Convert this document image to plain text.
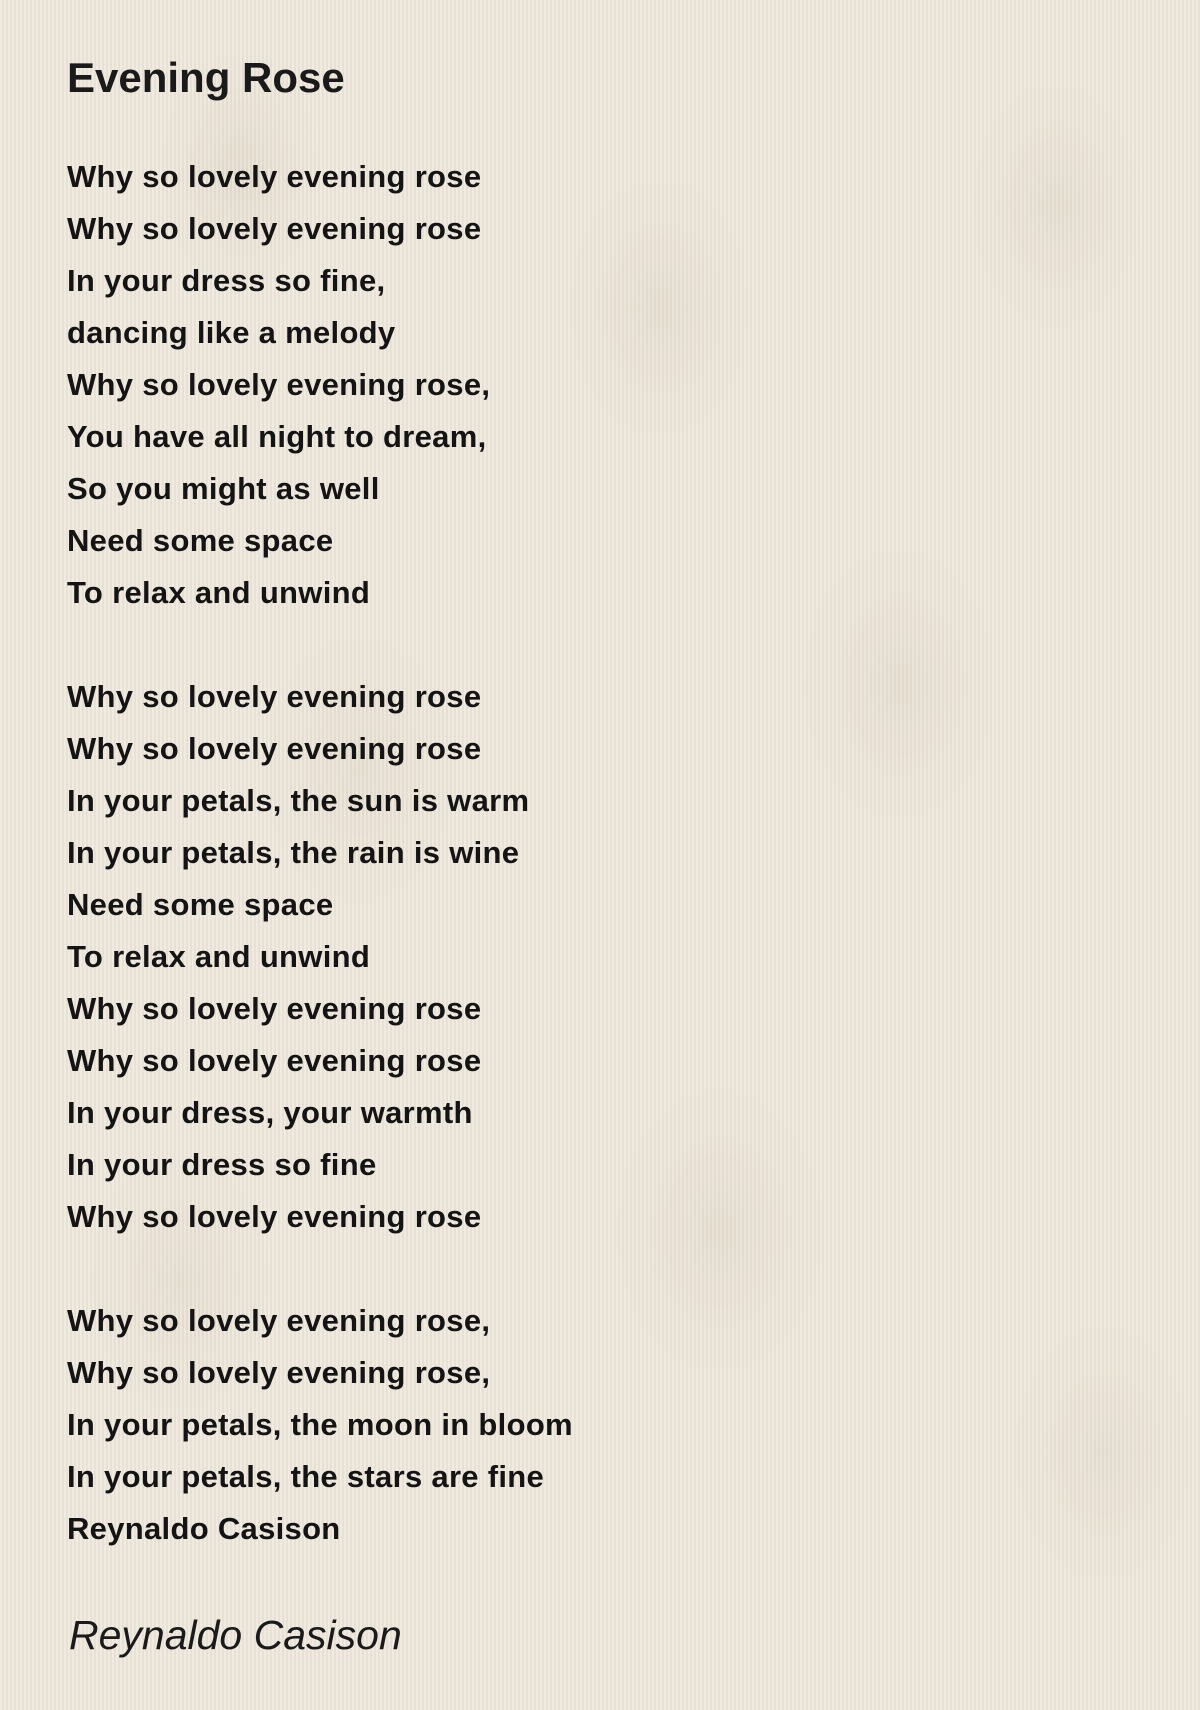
Evening Rose
Why so lovely evening rose
Why so lovely evening rose
In your dress so fine,
dancing like a melody
Why so lovely evening rose,
You have all night to dream,
So you might as well
Need some space
To relax and unwind
Why so lovely evening rose
Why so lovely evening rose
In your petals, the sun is warm
In your petals, the rain is wine
Need some space
To relax and unwind
Why so lovely evening rose
Why so lovely evening rose
In your dress, your warmth
In your dress so fine
Why so lovely evening rose
Why so lovely evening rose,
Why so lovely evening rose,
In your petals, the moon in bloom
In your petals, the stars are fine
Reynaldo Casison

Reynaldo Casison
